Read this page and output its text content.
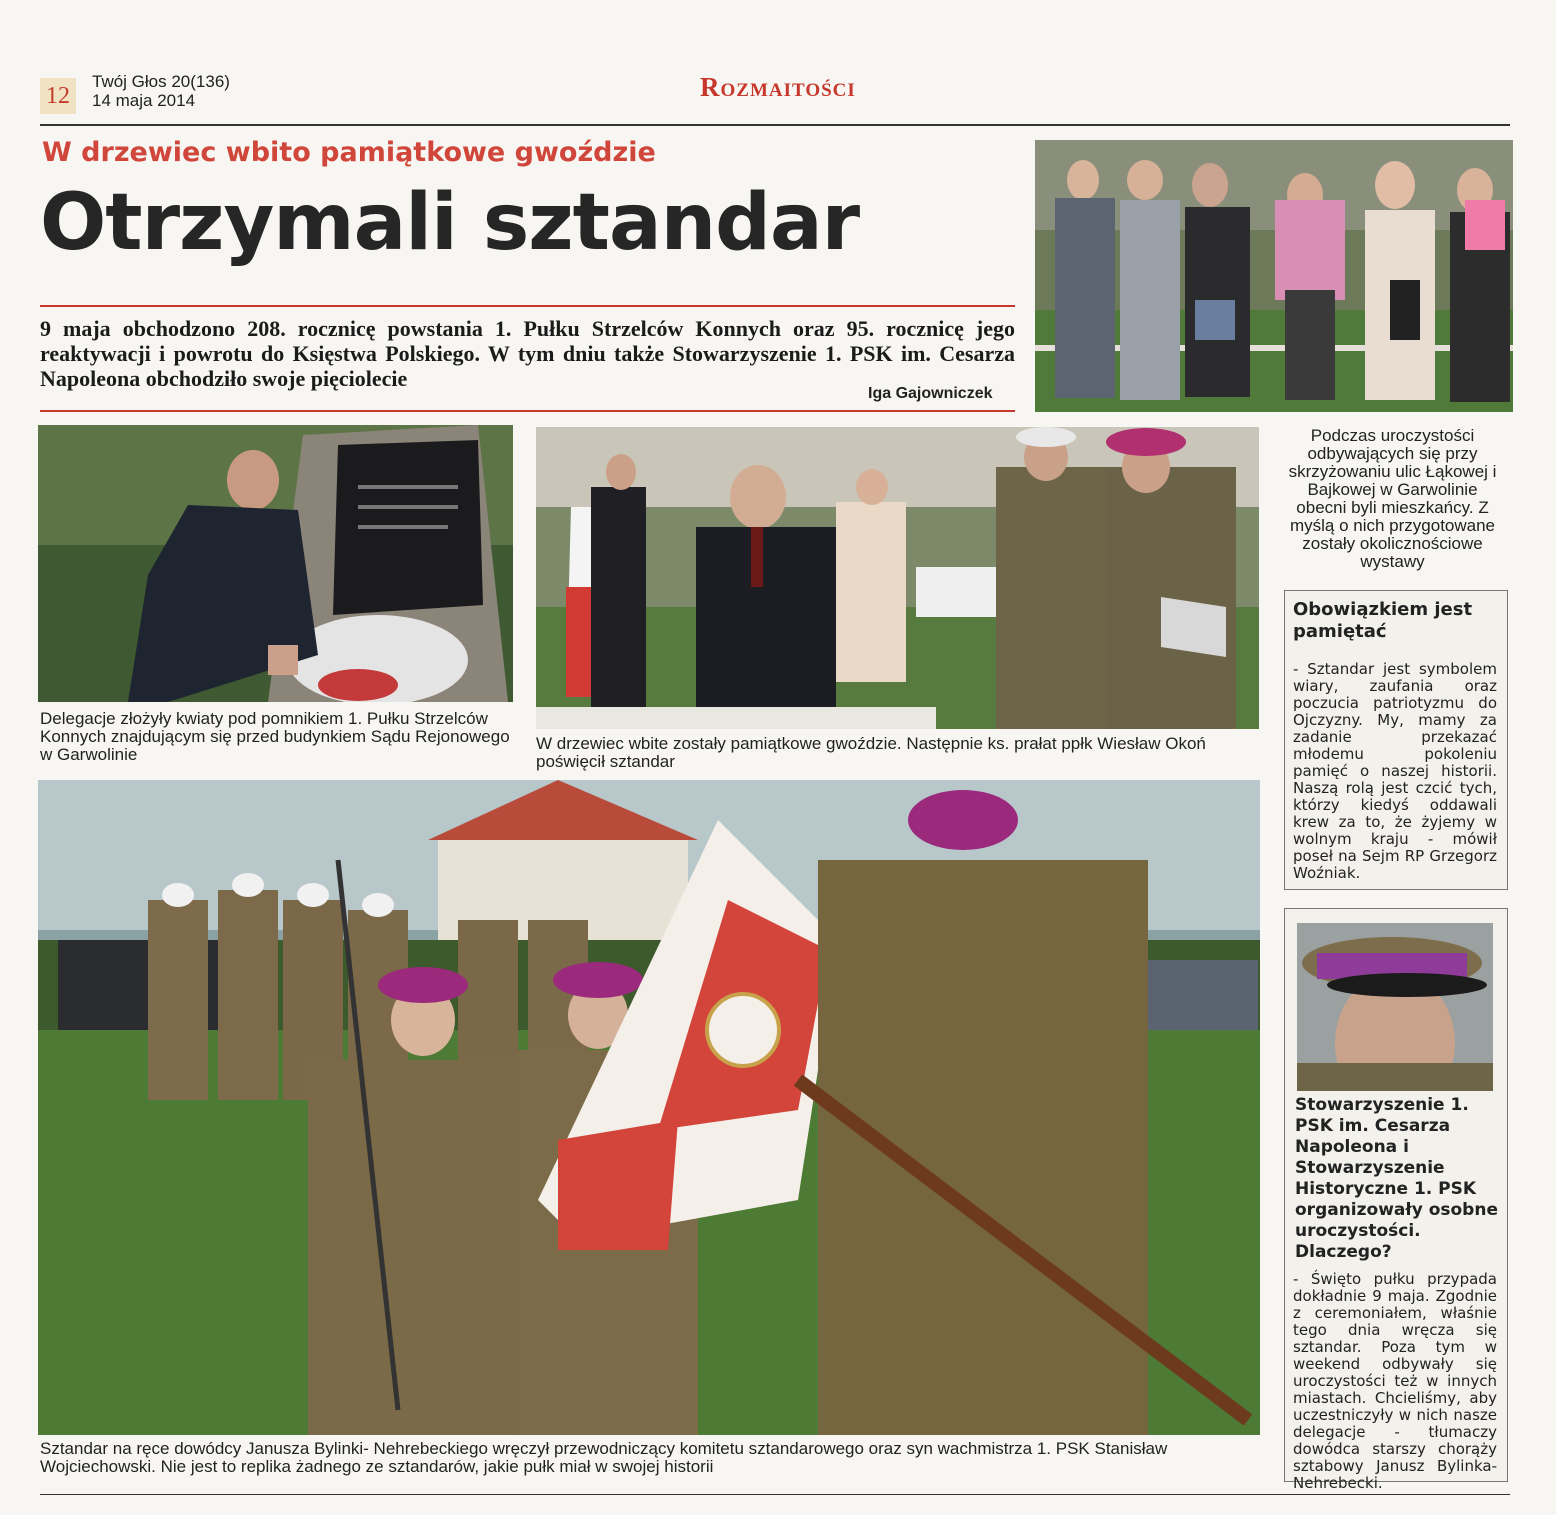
12
Twój Głos 20(136)
14 maja 2014	Rozmaitości
W drzewiec wbito pamiątkowe gwoździe
Otrzymali sztandar
9 maja obchodzono 208. rocznicę powstania 1. Pułku Strzelców Konnych oraz 95. rocznicę jego reaktywacji i powrotu do Księstwa Polskiego. W tym dniu także Stowarzyszenie 1. PSK im. Cesarza Napoleona obchodziło swoje pięciolecie
Iga Gajowniczek
Podczas uroczystości odbywających się przy skrzyżowaniu ulic Łąkowej i Bajkowej w Garwolinie obecni byli mieszkańcy. Z myślą o nich przygotowane zostały okolicznościowe wystawy
Delegacje złożyły kwiaty pod pomnikiem 1. Pułku Strzelców Konnych znajdującym się przed budynkiem Sądu Rejonowego w Garwolinie
W drzewiec wbite zostały pamiątkowe gwoździe. Następnie ks. prałat ppłk Wiesław Okoń poświęcił sztandar
Obowiązkiem jest pamiętać
- Sztandar jest symbolem wiary, zaufania oraz poczucia patriotyzmu do Ojczyzny. My, mamy za zadanie przekazać młodemu pokoleniu pamięć o naszej historii. Naszą rolą jest czcić tych, którzy kiedyś oddawali krew za to, że żyjemy w wolnym kraju - mówił poseł na Sejm RP Grzegorz Woźniak.
Sztandar na ręce dowódcy Janusza Bylinki- Nehrebeckiego wręczył przewodniczący komitetu sztandarowego oraz syn wachmistrza 1. PSK Stanisław Wojciechowski. Nie jest to replika żadnego ze sztandarów, jakie pułk miał w swojej historii
Stowarzyszenie 1. PSK im. Cesarza Napoleona i Stowarzyszenie Historyczne 1. PSK organizowały osobne uroczystości. Dlaczego?
- Święto pułku przypada dokładnie 9 maja. Zgodnie z ceremoniałem, właśnie tego dnia wręcza się sztandar. Poza tym w weekend odbywały się uroczystości też w innych miastach. Chcieliśmy, aby uczestniczyły w nich nasze delegacje - tłumaczy dowódca starszy chorąży sztabowy Janusz Bylinka-Nehrebecki.
